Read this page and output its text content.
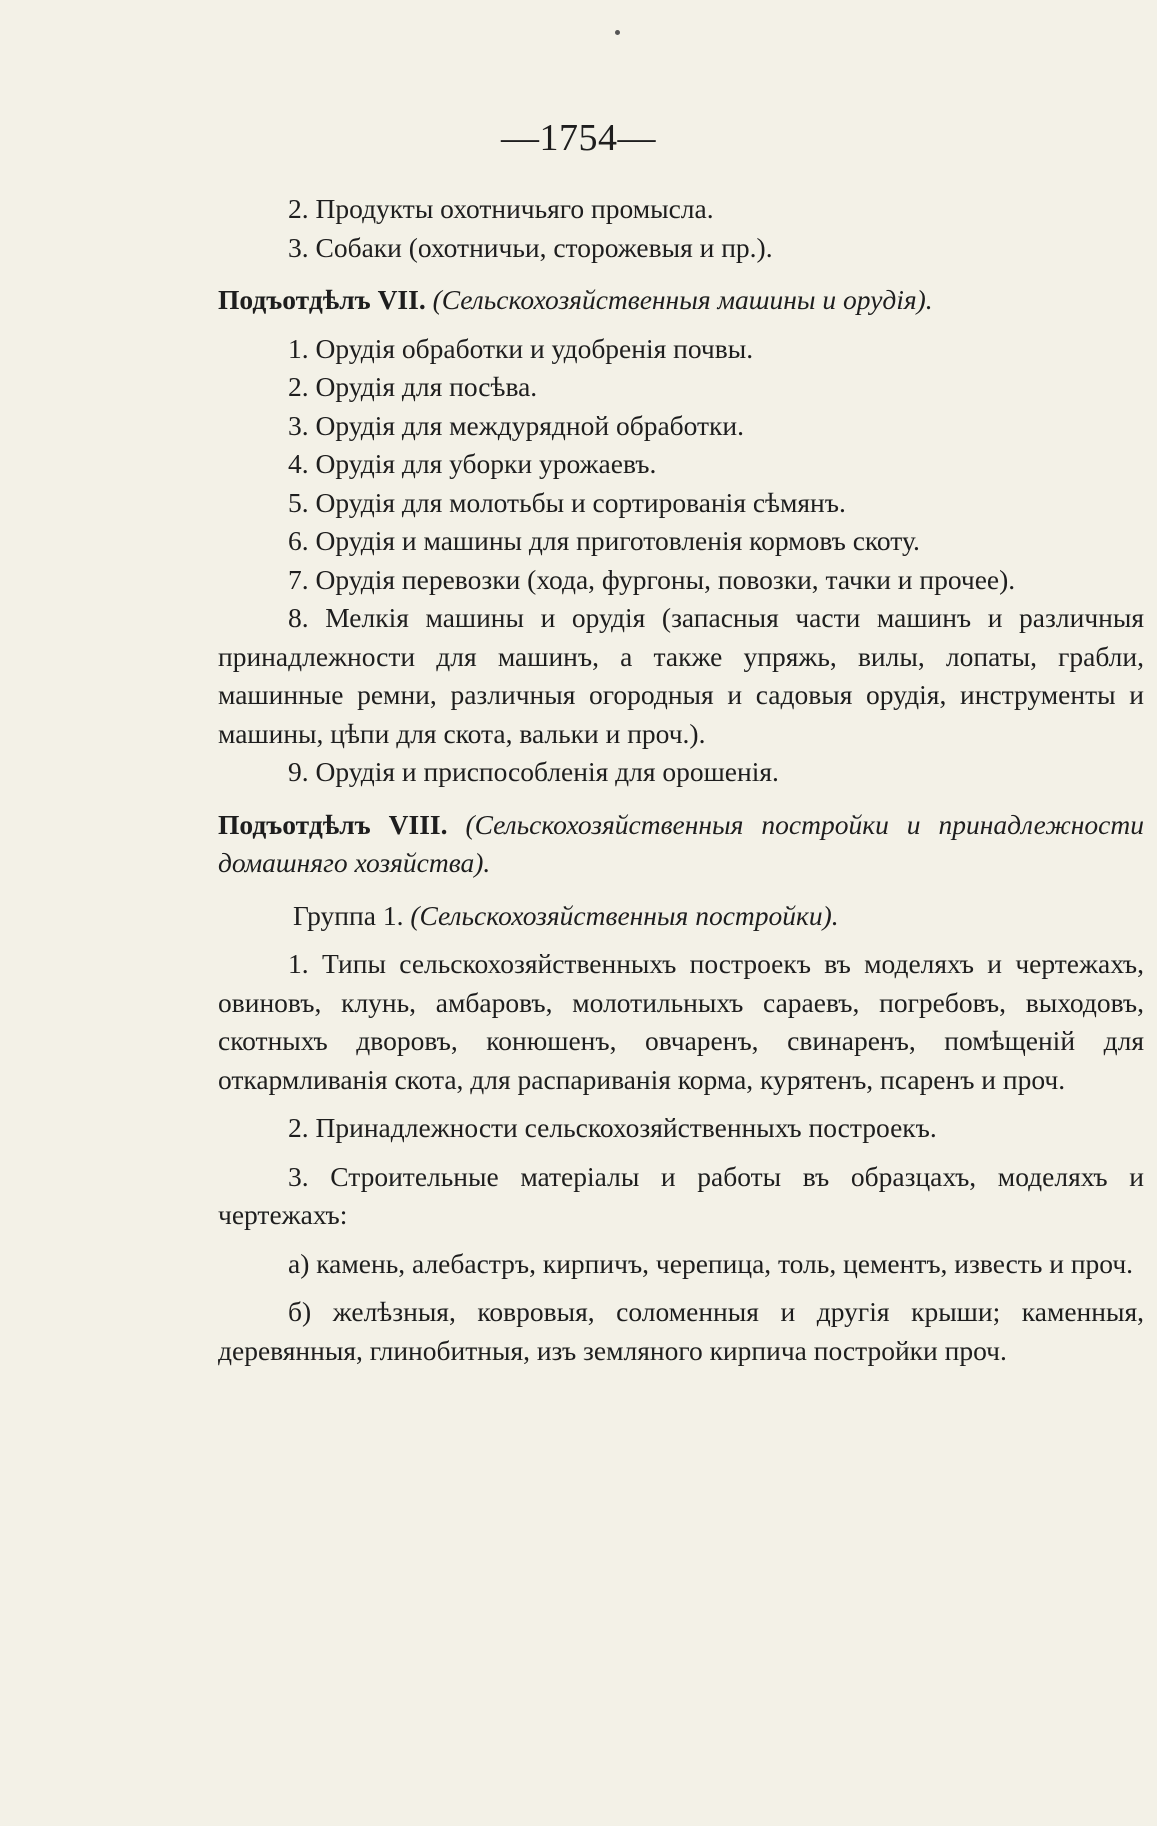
—1754—

2. Продукты охотничьяго промысла.

3. Собаки (охотничьи, сторожевыя и пр.).

Подъотдѣлъ VII. (Сельскохозяйственныя машины и орудія).

1. Орудія обработки и удобренія почвы.

2. Орудія для посѣва.

3. Орудія для междурядной обработки.

4. Орудія для уборки урожаевъ.

5. Орудія для молотьбы и сортированія сѣмянъ.

6. Орудія и машины для приготовленія кормовъ скоту.

7. Орудія перевозки (хода, фургоны, повозки, тачки и прочее).

8. Мелкія машины и орудія (запасныя части машинъ и различныя принадлежности для машинъ, а также упряжь, вилы, лопаты, грабли, машинные ремни, различныя огородныя и садовыя орудія, инструменты и машины, цѣпи для скота, вальки и проч.).

9. Орудія и приспособленія для орошенія.

Подъотдѣлъ VIII. (Сельскохозяйственныя постройки и принадлежности домашняго хозяйства).

Группа 1. (Сельскохозяйственныя постройки).

1. Типы сельскохозяйственныхъ построекъ въ моделяхъ и чертежахъ, овиновъ, клунь, амбаровъ, молотильныхъ сараевъ, погребовъ, выходовъ, скотныхъ дворовъ, конюшенъ, овчаренъ, свинаренъ, помѣщеній для откармливанія скота, для распариванія корма, курятенъ, псаренъ и проч.

2. Принадлежности сельскохозяйственныхъ построекъ.

3. Строительные матеріалы и работы въ образцахъ, моделяхъ и чертежахъ:

а) камень, алебастръ, кирпичъ, черепица, толь, цементъ, известь и проч.

б) желѣзныя, ковровыя, соломенныя и другія крыши; каменныя, деревянныя, глинобитныя, изъ земляного кирпича постройки проч.
